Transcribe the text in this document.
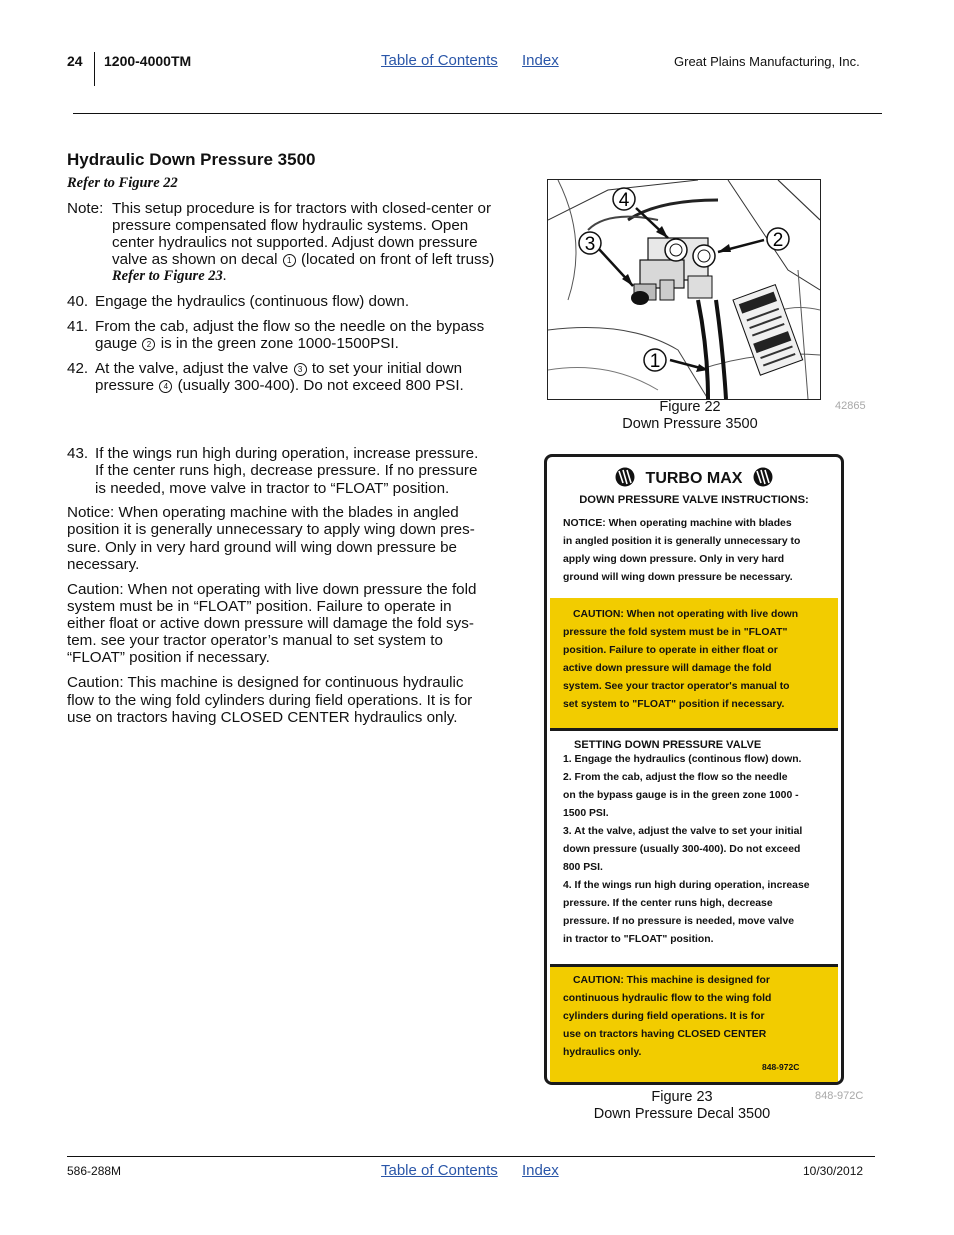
24 1200-4000TM	Table of Contents Index	Great Plains Manufacturing, Inc.
Hydraulic Down Pressure 3500
Refer to Figure 22
Note: This setup procedure is for tractors with closed-center or
pressure compensated flow hydraulic systems. Open
center hydraulics not supported. Adjust down pressure
valve as shown on decal 1 (located on front of left truss)
Refer to Figure 23.
40. Engage the hydraulics (continuous flow) down.
41. From the cab, adjust the flow so the needle on the bypass
gauge 2 is in the green zone 1000-1500PSI.
42. At the valve, adjust the valve 3 to set your initial down
pressure 4 (usually 300-400). Do not exceed 800 PSI.
43. If the wings run high during operation, increase pressure.
If the center runs high, decrease pressure. If no pressure
is needed, move valve in tractor to “FLOAT” position.
Notice: When operating machine with the blades in angled
position it is generally unnecessary to apply wing down pres-
sure. Only in very hard ground will wing down pressure be
necessary.
Caution: When not operating with live down pressure the fold
system must be in “FLOAT” position. Failure to operate in
either float or active down pressure will damage the fold sys-
tem. see your tractor operator’s manual to set system to
“FLOAT” position if necessary.
Caution: This machine is designed for continuous hydraulic
flow to the wing fold cylinders during field operations. It is for
use on tractors having CLOSED CENTER hydraulics only.
4
3	2
1
Figure 22
Down Pressure 3500
42865
TURBO MAX
DOWN PRESSURE VALVE INSTRUCTIONS:
NOTICE: When operating machine with blades
in angled position it is generally unnecessary to
apply wing down pressure. Only in very hard
ground will wing down pressure be necessary.
CAUTION: When not operating with live down
pressure the fold system must be in "FLOAT"
position. Failure to operate in either float or
active down pressure will damage the fold
system. See your tractor operator's manual to
set system to "FLOAT" position if necessary.
SETTING DOWN PRESSURE VALVE
1. Engage the hydraulics (continous flow) down.
2. From the cab, adjust the flow so the needle
on the bypass gauge is in the green zone 1000 -
1500 PSI.
3. At the valve, adjust the valve to set your initial
down pressure (usually 300-400). Do not exceed
800 PSI.
4. If the wings run high during operation, increase
pressure. If the center runs high, decrease
pressure. If no pressure is needed, move valve
in tractor to "FLOAT" position.
CAUTION: This machine is designed for
continuous hydraulic flow to the wing fold
cylinders during field operations. It is for
use on tractors having CLOSED CENTER
hydraulics only.
848-972C
Figure 23
Down Pressure Decal 3500
848-972C
586-288M	Table of Contents Index	10/30/2012
